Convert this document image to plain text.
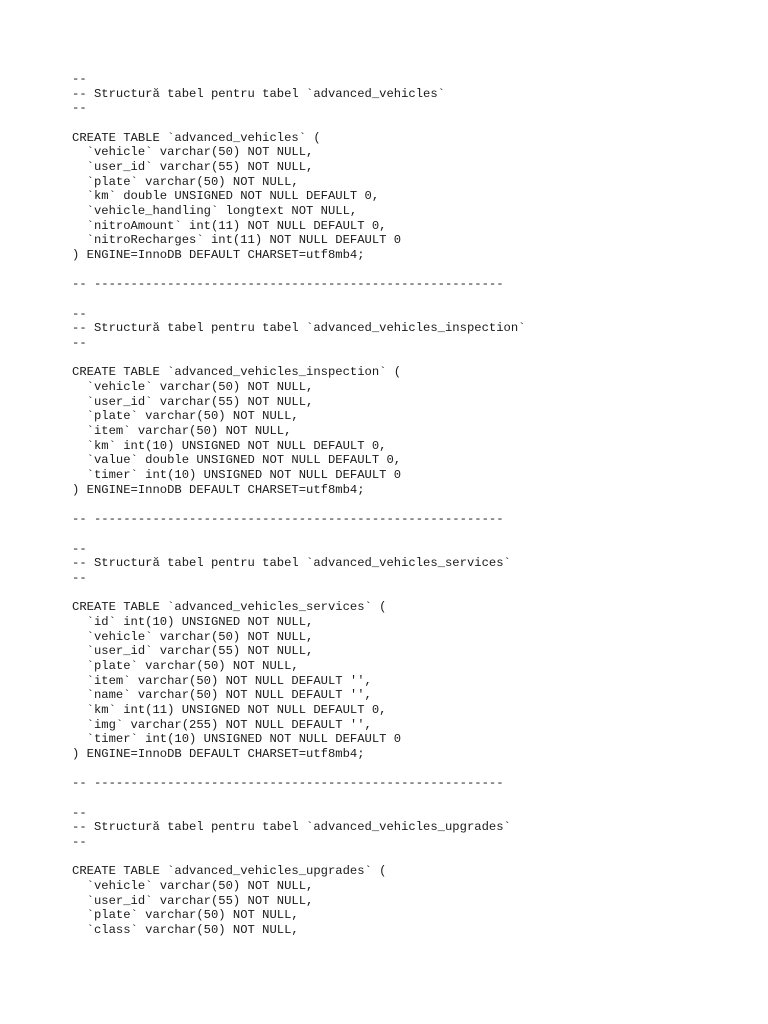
--
-- Structură tabel pentru tabel `advanced_vehicles`
--
CREATE TABLE `advanced_vehicles` (
`vehicle` varchar(50) NOT NULL,
`user_id` varchar(55) NOT NULL,
`plate` varchar(50) NOT NULL,
`km` double UNSIGNED NOT NULL DEFAULT 0,
`vehicle_handling` longtext NOT NULL,
`nitroAmount` int(11) NOT NULL DEFAULT 0,
`nitroRecharges` int(11) NOT NULL DEFAULT 0
) ENGINE=InnoDB DEFAULT CHARSET=utf8mb4;
-- --------------------------------------------------------
--
-- Structură tabel pentru tabel `advanced_vehicles_inspection`
--
CREATE TABLE `advanced_vehicles_inspection` (
`vehicle` varchar(50) NOT NULL,
`user_id` varchar(55) NOT NULL,
`plate` varchar(50) NOT NULL,
`item` varchar(50) NOT NULL,
`km` int(10) UNSIGNED NOT NULL DEFAULT 0,
`value` double UNSIGNED NOT NULL DEFAULT 0,
`timer` int(10) UNSIGNED NOT NULL DEFAULT 0
) ENGINE=InnoDB DEFAULT CHARSET=utf8mb4;
-- --------------------------------------------------------
--
-- Structură tabel pentru tabel `advanced_vehicles_services`
--
CREATE TABLE `advanced_vehicles_services` (
`id` int(10) UNSIGNED NOT NULL,
`vehicle` varchar(50) NOT NULL,
`user_id` varchar(55) NOT NULL,
`plate` varchar(50) NOT NULL,
`item` varchar(50) NOT NULL DEFAULT '',
`name` varchar(50) NOT NULL DEFAULT '',
`km` int(11) UNSIGNED NOT NULL DEFAULT 0,
`img` varchar(255) NOT NULL DEFAULT '',
`timer` int(10) UNSIGNED NOT NULL DEFAULT 0
) ENGINE=InnoDB DEFAULT CHARSET=utf8mb4;
-- --------------------------------------------------------
--
-- Structură tabel pentru tabel `advanced_vehicles_upgrades`
--
CREATE TABLE `advanced_vehicles_upgrades` (
`vehicle` varchar(50) NOT NULL,
`user_id` varchar(55) NOT NULL,
`plate` varchar(50) NOT NULL,
`class` varchar(50) NOT NULL,
